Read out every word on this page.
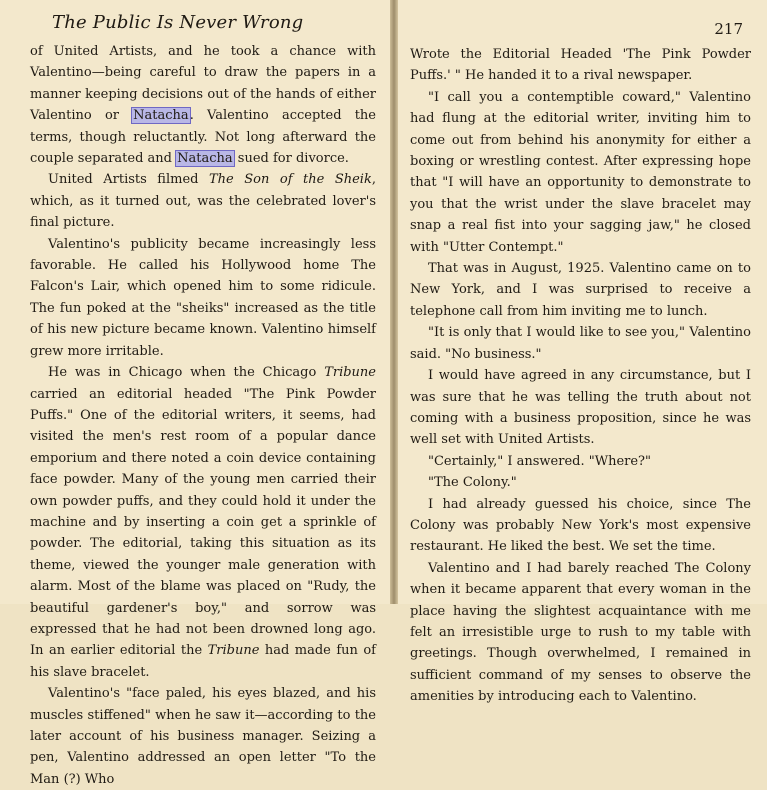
The Public Is Never Wrong

of United Artists, and he took a chance with Valentino—being careful to draw the papers in a manner keeping decisions out of the hands of either Valentino or Natacha. Valentino accepted the terms, though reluctantly. Not long afterward the couple separated and Natacha sued for divorce.

United Artists filmed The Son of the Sheik, which, as it turned out, was the celebrated lover's final picture.

Valentino's publicity became increasingly less favorable. He called his Hollywood home The Falcon's Lair, which opened him to some ridicule. The fun poked at the "sheiks" increased as the title of his new picture became known. Valentino himself grew more irritable.

He was in Chicago when the Chicago Tribune carried an editorial headed "The Pink Powder Puffs." One of the editorial writers, it seems, had visited the men's rest room of a popular dance emporium and there noted a coin device containing face powder. Many of the young men carried their own powder puffs, and they could hold it under the machine and by inserting a coin get a sprinkle of powder. The editorial, taking this situation as its theme, viewed the younger male generation with alarm. Most of the blame was placed on "Rudy, the beautiful gardener's boy," and sorrow was expressed that he had not been drowned long ago. In an earlier editorial the Tribune had made fun of his slave bracelet.

Valentino's "face paled, his eyes blazed, and his muscles stiffened" when he saw it—according to the later account of his business manager. Seizing a pen, Valentino addressed an open letter "To the Man (?) Who

217

Wrote the Editorial Headed 'The Pink Powder Puffs.' " He handed it to a rival newspaper.

"I call you a contemptible coward," Valentino had flung at the editorial writer, inviting him to come out from behind his anonymity for either a boxing or wrestling contest. After expressing hope that "I will have an opportunity to demonstrate to you that the wrist under the slave bracelet may snap a real fist into your sagging jaw," he closed with "Utter Contempt."

That was in August, 1925. Valentino came on to New York, and I was surprised to receive a telephone call from him inviting me to lunch.

"It is only that I would like to see you," Valentino said. "No business."

I would have agreed in any circumstance, but I was sure that he was telling the truth about not coming with a business proposition, since he was well set with United Artists.

"Certainly," I answered. "Where?"

"The Colony."

I had already guessed his choice, since The Colony was probably New York's most expensive restaurant. He liked the best. We set the time.

Valentino and I had barely reached The Colony when it became apparent that every woman in the place having the slightest acquaintance with me felt an irresistible urge to rush to my table with greetings. Though overwhelmed, I remained in sufficient command of my senses to observe the amenities by introducing each to Valentino.
